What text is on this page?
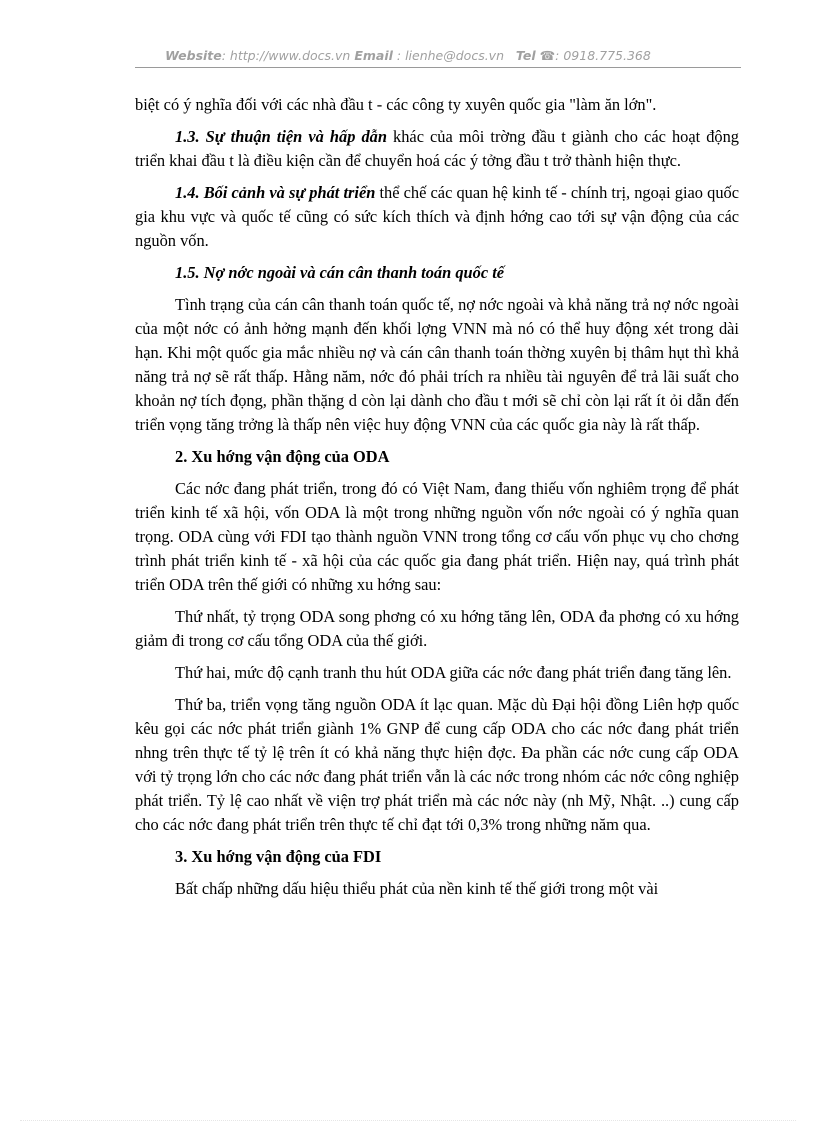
Website: http://www.docs.vn Email : lienhe@docs.vn Tel ☎: 0918.775.368

biệt có ý nghĩa đối với các nhà đầu t - các công ty xuyên quốc gia "làm ăn lớn".

1.3. Sự thuận tiện và hấp dẫn khác của môi trờng đầu t giành cho các hoạt động triển khai đầu t là điều kiện cần để chuyển hoá các ý tởng đầu t trở thành hiện thực.

1.4. Bối cảnh và sự phát triển thể chế các quan hệ kinh tế - chính trị, ngoại giao quốc gia khu vực và quốc tế cũng có sức kích thích và định hớng cao tới sự vận động của các nguồn vốn.

1.5. Nợ nớc ngoài và cán cân thanh toán quốc tế

Tình trạng của cán cân thanh toán quốc tế, nợ nớc ngoài và khả năng trả nợ nớc ngoài của một nớc có ảnh hởng mạnh đến khối lợng VNN mà nó có thể huy động xét trong dài hạn. Khi một quốc gia mắc nhiều nợ và cán cân thanh toán thờng xuyên bị thâm hụt thì khả năng trả nợ sẽ rất thấp. Hằng năm, nớc đó phải trích ra nhiều tài nguyên để trả lãi suất cho khoản nợ tích đọng, phần thặng d còn lại dành cho đầu t mới sẽ chỉ còn lại rất ít ỏi dẫn đến triển vọng tăng trởng là thấp nên việc huy động VNN của các quốc gia này là rất thấp.

2. Xu hớng vận động của ODA

Các nớc đang phát triển, trong đó có Việt Nam, đang thiếu vốn nghiêm trọng để phát triển kinh tế xã hội, vốn ODA là một trong những nguồn vốn nớc ngoài có ý nghĩa quan trọng. ODA cùng với FDI tạo thành nguồn VNN trong tổng cơ cấu vốn phục vụ cho chơng trình phát triển kinh tế - xã hội của các quốc gia đang phát triển. Hiện nay, quá trình phát triển ODA trên thế giới có những xu hớng sau:

Thứ nhất, tỷ trọng ODA song phơng có xu hớng tăng lên, ODA đa phơng có xu hớng giảm đi trong cơ cấu tổng ODA của thế giới.

Thứ hai, mức độ cạnh tranh thu hút ODA giữa các nớc đang phát triển đang tăng lên.

Thứ ba, triển vọng tăng nguồn ODA ít lạc quan. Mặc dù Đại hội đồng Liên hợp quốc kêu gọi các nớc phát triển giành 1% GNP để cung cấp ODA cho các nớc đang phát triển nhng trên thực tế tỷ lệ trên ít có khả năng thực hiện đợc. Đa phần các nớc cung cấp ODA với tỷ trọng lớn cho các nớc đang phát triển vẫn là các nớc trong nhóm các nớc công nghiệp phát triển. Tỷ lệ cao nhất về viện trợ phát triển mà các nớc này (nh Mỹ, Nhật. ..) cung cấp cho các nớc đang phát triển trên thực tế chỉ đạt tới 0,3% trong những năm qua.

3. Xu hớng vận động của FDI

Bất chấp những dấu hiệu thiểu phát của nền kinh tế thế giới trong một vài
